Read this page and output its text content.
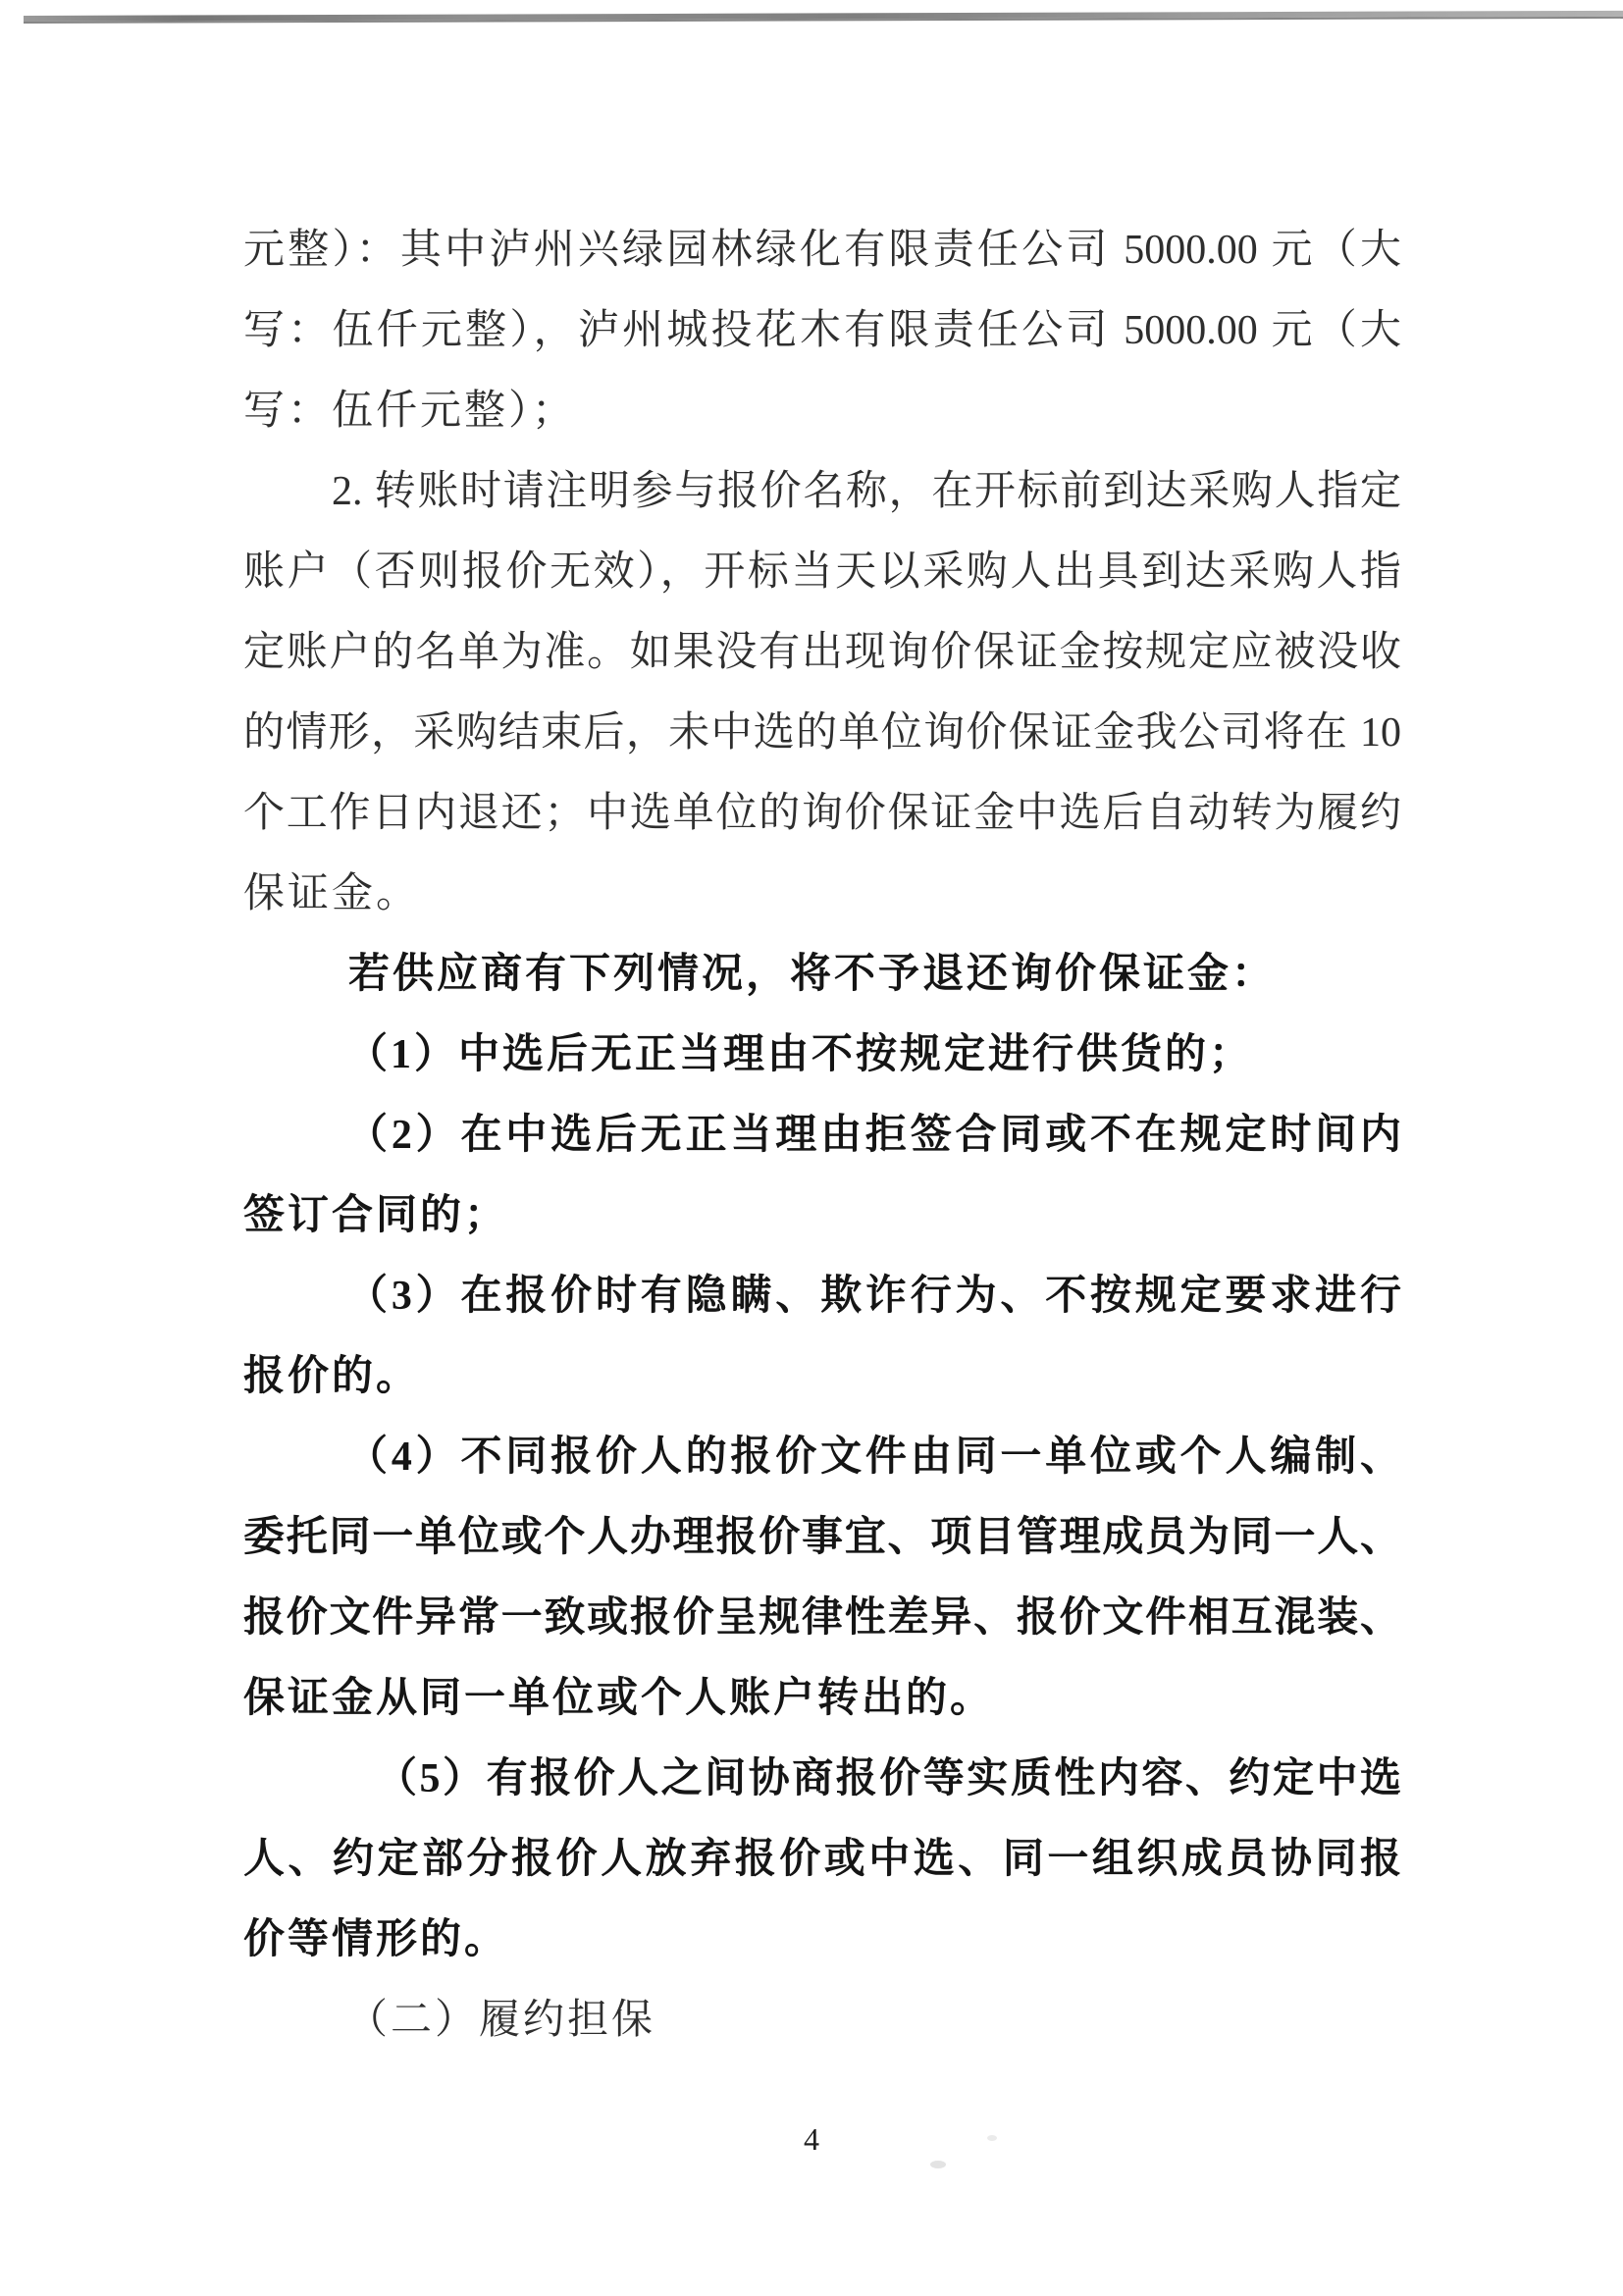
元整）：其中泸州兴绿园林绿化有限责任公司 5000.00 元（大
写：伍仟元整），泸州城投花木有限责任公司 5000.00 元（大
写：伍仟元整）；
2. 转账时请注明参与报价名称，在开标前到达采购人指定
账户（否则报价无效），开标当天以采购人出具到达采购人指
定账户的名单为准。如果没有出现询价保证金按规定应被没收
的情形，采购结束后，未中选的单位询价保证金我公司将在 10
个工作日内退还；中选单位的询价保证金中选后自动转为履约
保证金。
若供应商有下列情况，将不予退还询价保证金：
（1）中选后无正当理由不按规定进行供货的；
（2）在中选后无正当理由拒签合同或不在规定时间内
签订合同的；
（3）在报价时有隐瞒、欺诈行为、不按规定要求进行
报价的。
（4）不同报价人的报价文件由同一单位或个人编制、
委托同一单位或个人办理报价事宜、项目管理成员为同一人、
报价文件异常一致或报价呈规律性差异、报价文件相互混装、
保证金从同一单位或个人账户转出的。
（5）有报价人之间协商报价等实质性内容、约定中选
人、约定部分报价人放弃报价或中选、同一组织成员协同报
价等情形的。
（二）履约担保
4
